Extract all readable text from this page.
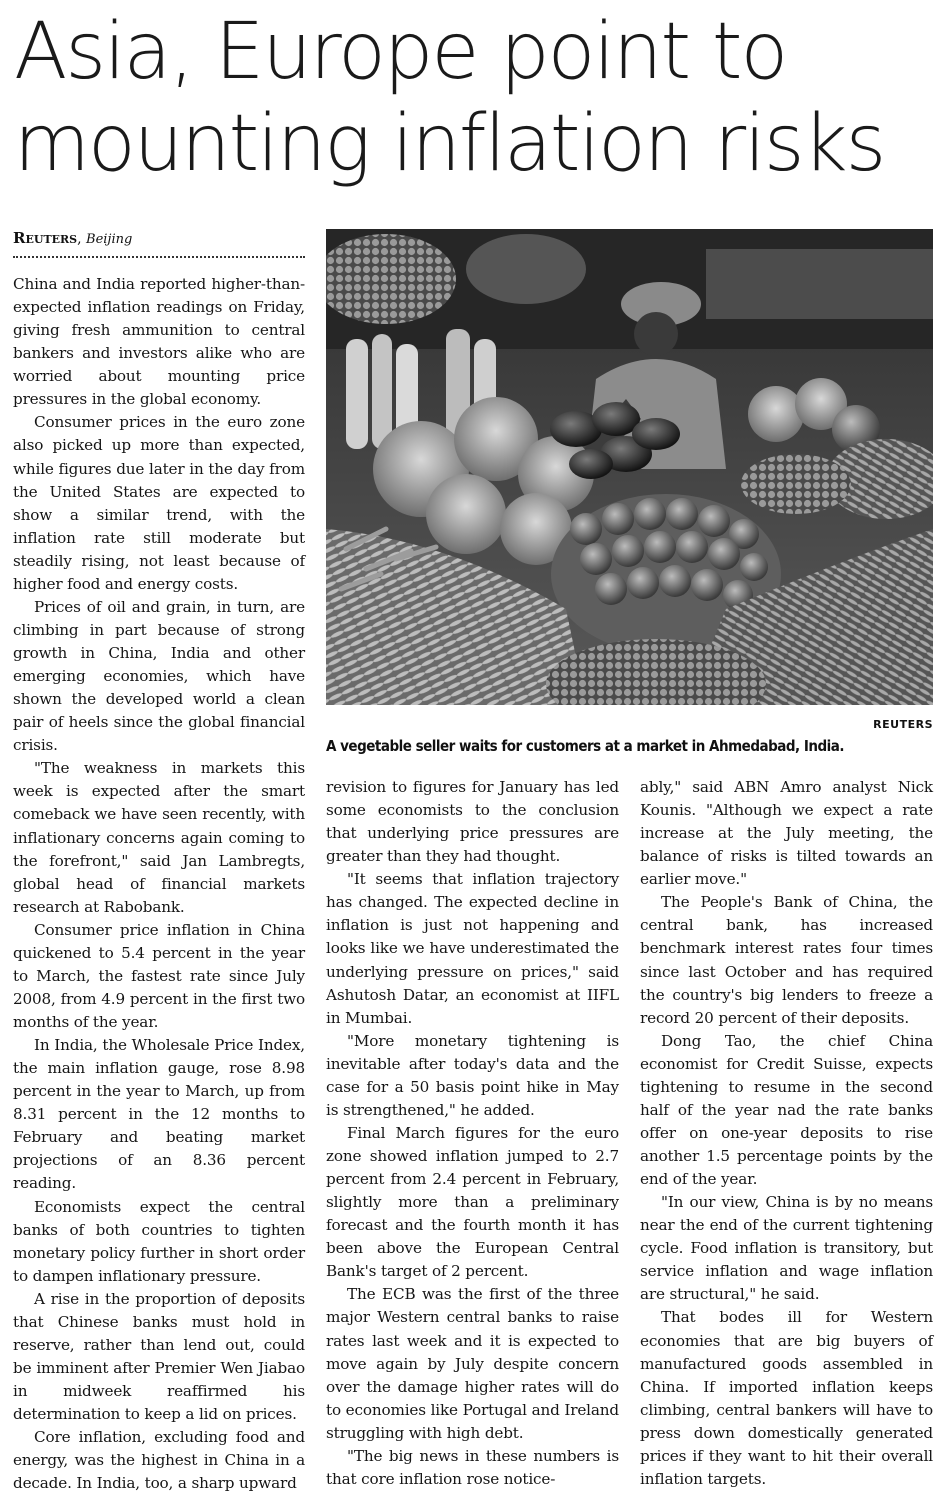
Asia, Europe point to
mounting inflation risks
Reuters, Beijing

China and India reported higher-than-expected inflation readings on Friday, giving fresh ammunition to central bankers and investors alike who are worried about mounting price pressures in the global economy.

Consumer prices in the euro zone also picked up more than expected, while figures due later in the day from the United States are expected to show a similar trend, with the inflation rate still moderate but steadily rising, not least because of higher food and energy costs.

Prices of oil and grain, in turn, are climbing in part because of strong growth in China, India and other emerging economies, which have shown the developed world a clean pair of heels since the global financial crisis.

"The weakness in markets this week is expected after the smart comeback we have seen recently, with inflationary concerns again coming to the forefront," said Jan Lambregts, global head of financial markets research at Rabobank.

Consumer price inflation in China quickened to 5.4 percent in the year to March, the fastest rate since July 2008, from 4.9 percent in the first two months of the year.

In India, the Wholesale Price Index, the main inflation gauge, rose 8.98 percent in the year to March, up from 8.31 percent in the 12 months to February and beating market projections of an 8.36 percent reading.

Economists expect the central banks of both countries to tighten monetary policy further in short order to dampen inflationary pressure.

A rise in the proportion of deposits that Chinese banks must hold in reserve, rather than lend out, could be imminent after Premier Wen Jiabao in midweek reaffirmed his determination to keep a lid on prices.

Core inflation, excluding food and energy, was the highest in China in a decade. In India, too, a sharp upward

REUTERS
A vegetable seller waits for customers at a market in Ahmedabad, India.

revision to figures for January has led some economists to the conclusion that underlying price pressures are greater than they had thought.

"It seems that inflation trajectory has changed. The expected decline in inflation is just not happening and looks like we have underestimated the underlying pressure on prices," said Ashutosh Datar, an economist at IIFL in Mumbai.

"More monetary tightening is inevitable after today's data and the case for a 50 basis point hike in May is strengthened," he added.

Final March figures for the euro zone showed inflation jumped to 2.7 percent from 2.4 percent in February, slightly more than a preliminary forecast and the fourth month it has been above the European Central Bank's target of 2 percent.

The ECB was the first of the three major Western central banks to raise rates last week and it is expected to move again by July despite concern over the damage higher rates will do to economies like Portugal and Ireland struggling with high debt.

"The big news in these numbers is that core inflation rose notice-

ably," said ABN Amro analyst Nick Kounis. "Although we expect a rate increase at the July meeting, the balance of risks is tilted towards an earlier move."

The People's Bank of China, the central bank, has increased benchmark interest rates four times since last October and has required the country's big lenders to freeze a record 20 percent of their deposits.

Dong Tao, the chief China economist for Credit Suisse, expects tightening to resume in the second half of the year nad the rate banks offer on one-year deposits to rise another 1.5 percentage points by the end of the year.

"In our view, China is by no means near the end of the current tightening cycle. Food inflation is transitory, but service inflation and wage inflation are structural," he said.

That bodes ill for Western economies that are big buyers of manufactured goods assembled in China. If imported inflation keeps climbing, central bankers will have to press down domestically generated prices if they want to hit their overall inflation targets.
